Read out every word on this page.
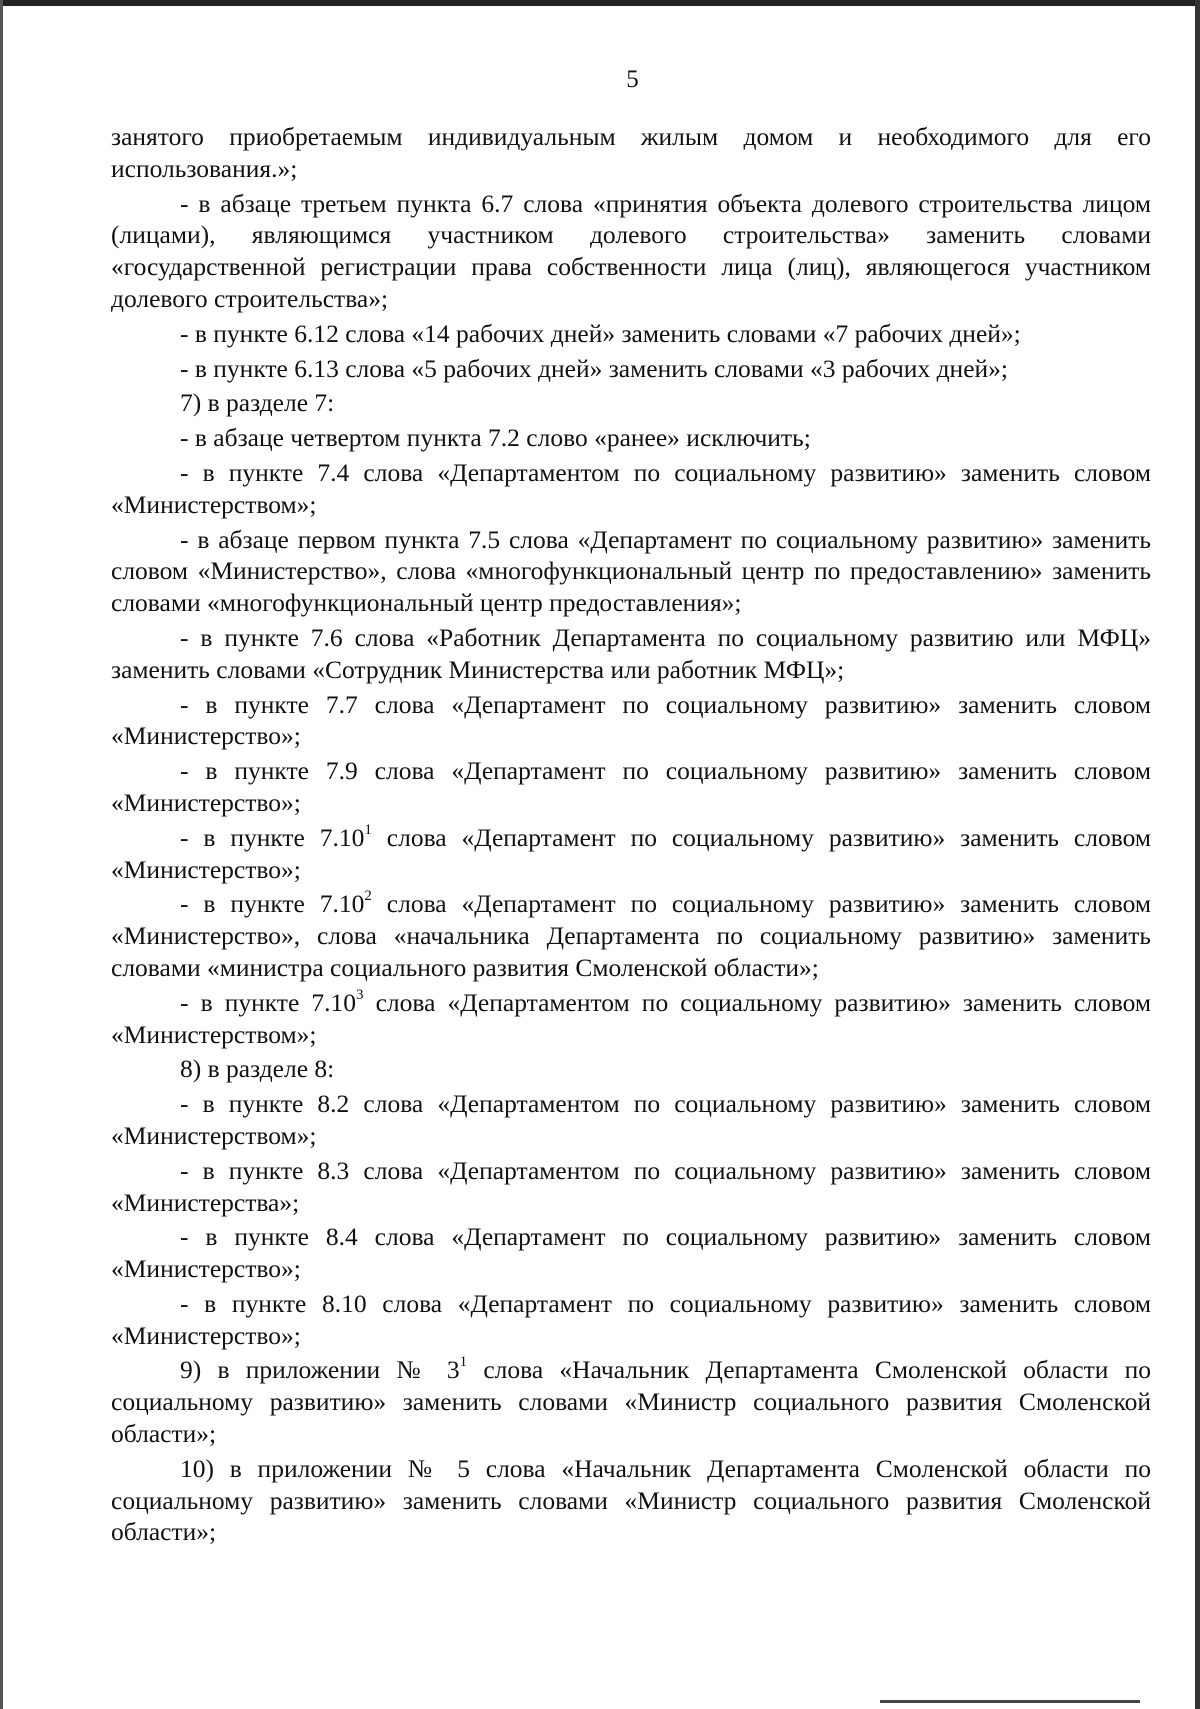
5

занятого приобретаемым индивидуальным жилым домом и необходимого для его использования.»;

- в абзаце третьем пункта 6.7 слова «принятия объекта долевого строительства лицом (лицами), являющимся участником долевого строительства» заменить словами «государственной регистрации права собственности лица (лиц), являющегося участником долевого строительства»;

- в пункте 6.12 слова «14 рабочих дней» заменить словами «7 рабочих дней»;

- в пункте 6.13 слова «5 рабочих дней» заменить словами «3 рабочих дней»;

7) в разделе 7:

- в абзаце четвертом пункта 7.2 слово «ранее» исключить;

- в пункте 7.4 слова «Департаментом по социальному развитию» заменить словом «Министерством»;

- в абзаце первом пункта 7.5 слова «Департамент по социальному развитию» заменить словом «Министерство», слова «многофункциональный центр по предоставлению» заменить словами «многофункциональный центр предоставления»;

- в пункте 7.6 слова «Работник Департамента по социальному развитию или МФЦ» заменить словами «Сотрудник Министерства или работник МФЦ»;

- в пункте 7.7 слова «Департамент по социальному развитию» заменить словом «Министерство»;

- в пункте 7.9 слова «Департамент по социальному развитию» заменить словом «Министерство»;

- в пункте 7.10$^1$ слова «Департамент по социальному развитию» заменить словом «Министерство»;

- в пункте 7.10$^2$ слова «Департамент по социальному развитию» заменить словом «Министерство», слова «начальника Департамента по социальному развитию» заменить словами «министра социального развития Смоленской области»;

- в пункте 7.10$^3$ слова «Департаментом по социальному развитию» заменить словом «Министерством»;

8) в разделе 8:

- в пункте 8.2 слова «Департаментом по социальному развитию» заменить словом «Министерством»;

- в пункте 8.3 слова «Департаментом по социальному развитию» заменить словом «Министерства»;

- в пункте 8.4 слова «Департамент по социальному развитию» заменить словом «Министерство»;

- в пункте 8.10 слова «Департамент по социальному развитию» заменить словом «Министерство»;

9) в приложении № $3^1$ слова «Начальник Департамента Смоленской области по социальному развитию» заменить словами «Министр социального развития Смоленской области»;

10) в приложении № 5 слова «Начальник Департамента Смоленской области по социальному развитию» заменить словами «Министр социального развития Смоленской области»;
